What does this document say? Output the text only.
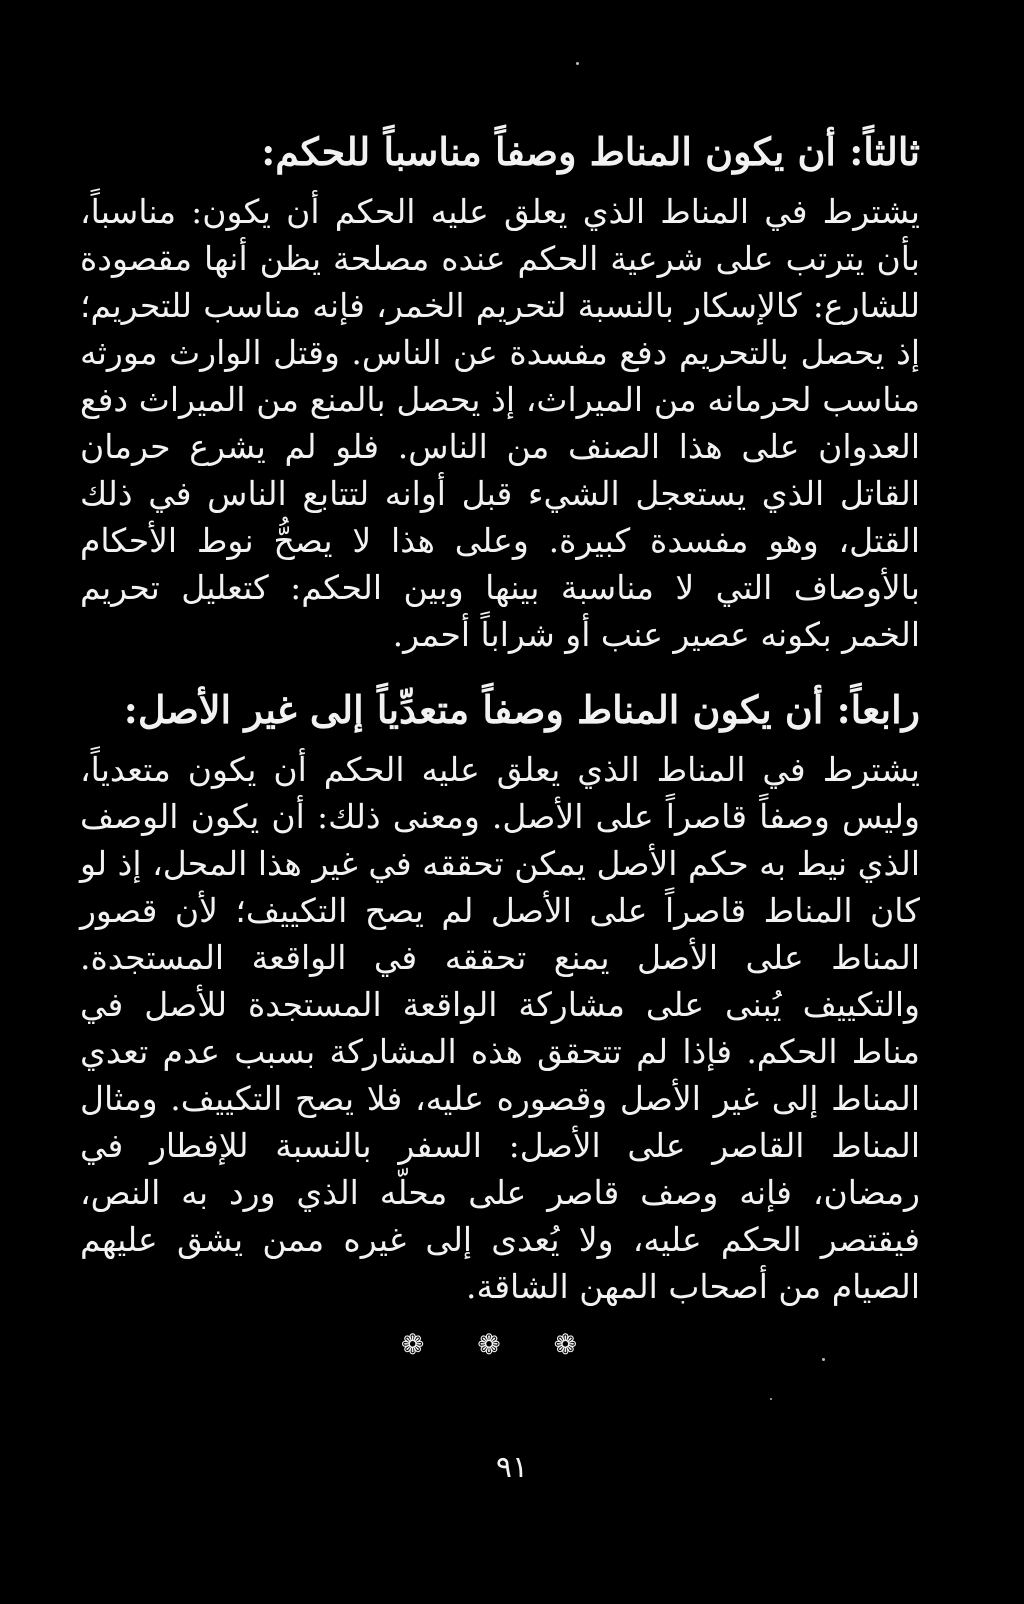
ثالثاً: أن يكون المناط وصفاً مناسباً للحكم:

يشترط في المناط الذي يعلق عليه الحكم أن يكون: مناسباً، بأن يترتب على شرعية الحكم عنده مصلحة يظن أنها مقصودة للشارع: كالإسكار بالنسبة لتحريم الخمر، فإنه مناسب للتحريم؛ إذ يحصل بالتحريم دفع مفسدة عن الناس. وقتل الوارث مورثه مناسب لحرمانه من الميراث، إذ يحصل بالمنع من الميراث دفع العدوان على هذا الصنف من الناس. فلو لم يشرع حرمان القاتل الذي يستعجل الشيء قبل أوانه لتتابع الناس في ذلك القتل، وهو مفسدة كبيرة. وعلى هذا لا يصحُّ نوط الأحكام بالأوصاف التي لا مناسبة بينها وبين الحكم: كتعليل تحريم الخمر بكونه عصير عنب أو شراباً أحمر.

رابعاً: أن يكون المناط وصفاً متعدِّياً إلى غير الأصل:

يشترط في المناط الذي يعلق عليه الحكم أن يكون متعدياً، وليس وصفاً قاصراً على الأصل. ومعنى ذلك: أن يكون الوصف الذي نيط به حكم الأصل يمكن تحققه في غير هذا المحل، إذ لو كان المناط قاصراً على الأصل لم يصح التكييف؛ لأن قصور المناط على الأصل يمنع تحققه في الواقعة المستجدة. والتكييف يُبنى على مشاركة الواقعة المستجدة للأصل في مناط الحكم. فإذا لم تتحقق هذه المشاركة بسبب عدم تعدي المناط إلى غير الأصل وقصوره عليه، فلا يصح التكييف. ومثال المناط القاصر على الأصل: السفر بالنسبة للإفطار في رمضان، فإنه وصف قاصر على محلّه الذي ورد به النص، فيقتصر الحكم عليه، ولا يُعدى إلى غيره ممن يشق عليهم الصيام من أصحاب المهن الشاقة.

❁ ❁ ❁
٩١
